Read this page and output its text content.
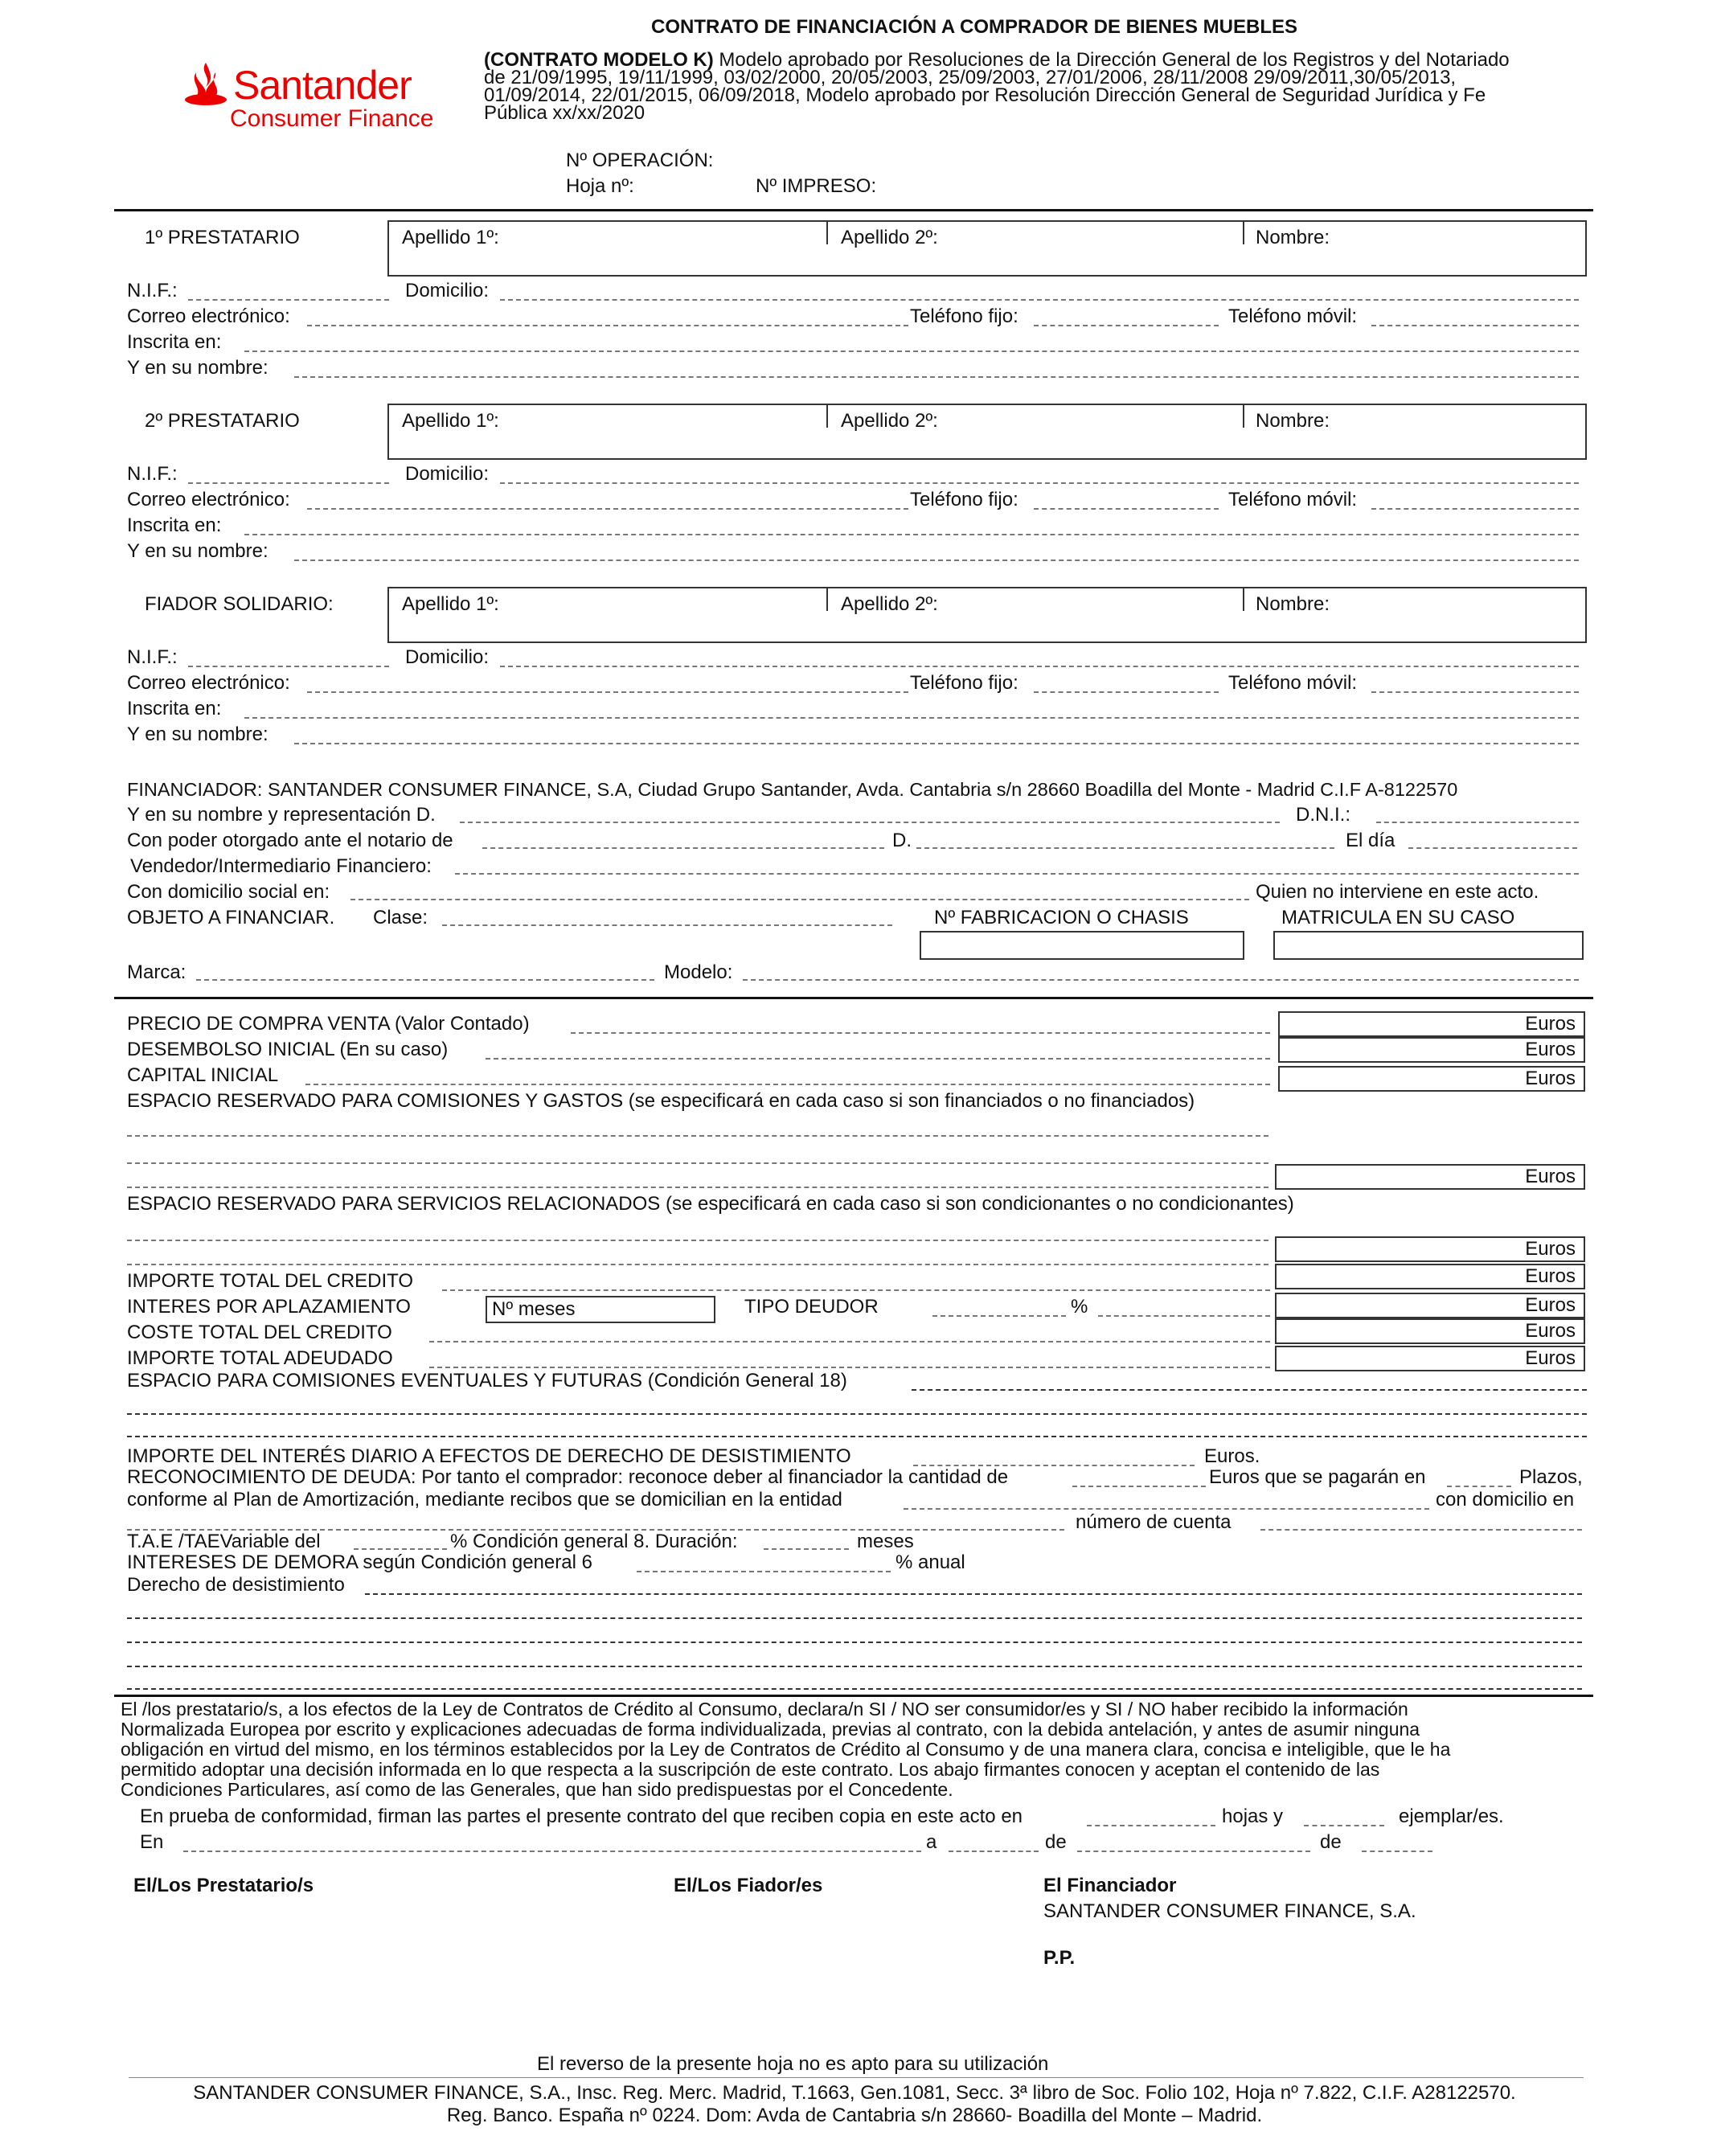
Santander
Consumer Finance
CONTRATO DE FINANCIACIÓN A COMPRADOR DE BIENES MUEBLES
(CONTRATO MODELO K) Modelo aprobado por Resoluciones de la Dirección General de los Registros y del Notariado
de 21/09/1995, 19/11/1999, 03/02/2000, 20/05/2003, 25/09/2003, 27/01/2006, 28/11/2008 29/09/2011,30/05/2013,
01/09/2014, 22/01/2015, 06/09/2018, Modelo aprobado por Resolución Dirección General de Seguridad Jurídica y Fe
Pública xx/xx/2020
Nº OPERACIÓN:
Hoja nº:	Nº IMPRESO:
1º PRESTATARIO	Apellido 1º:	Apellido 2º:	Nombre:
N.I.F.:	Domicilio:
Correo electrónico:	Teléfono fijo:	Teléfono móvil:
Inscrita en:
Y en su nombre:
2º PRESTATARIO	Apellido 1º:	Apellido 2º:	Nombre:
N.I.F.:	Domicilio:
Correo electrónico:	Teléfono fijo:	Teléfono móvil:
Inscrita en:
Y en su nombre:
FIADOR SOLIDARIO:	Apellido 1º:	Apellido 2º:	Nombre:
N.I.F.:	Domicilio:
Correo electrónico:	Teléfono fijo:	Teléfono móvil:
Inscrita en:
Y en su nombre:
FINANCIADOR: SANTANDER CONSUMER FINANCE, S.A, Ciudad Grupo Santander, Avda. Cantabria s/n 28660 Boadilla del Monte - Madrid C.I.F A-8122570
Y en su nombre y representación D.	D.N.I.:
Con poder otorgado ante el notario de	D.	El día
Vendedor/Intermediario Financiero:
Con domicilio social en:	Quien no interviene en este acto.
OBJETO A FINANCIAR. Clase:	Nº FABRICACION O CHASIS	MATRICULA EN SU CASO
Marca:	Modelo:
PRECIO DE COMPRA VENTA (Valor Contado)	Euros
DESEMBOLSO INICIAL (En su caso)	Euros
CAPITAL INICIAL	Euros
ESPACIO RESERVADO PARA COMISIONES Y GASTOS (se especificará en cada caso si son financiados o no financiados)
Euros
ESPACIO RESERVADO PARA SERVICIOS RELACIONADOS (se especificará en cada caso si son condicionantes o no condicionantes)
Euros
IMPORTE TOTAL DEL CREDITO	Euros
INTERES POR APLAZAMIENTO	Nº meses	TIPO DEUDOR	%	Euros
COSTE TOTAL DEL CREDITO	Euros
IMPORTE TOTAL ADEUDADO	Euros
ESPACIO PARA COMISIONES EVENTUALES Y FUTURAS (Condición General 18)
IMPORTE DEL INTERÉS DIARIO A EFECTOS DE DERECHO DE DESISTIMIENTO	Euros.
RECONOCIMIENTO DE DEUDA: Por tanto el comprador: reconoce deber al financiador la cantidad de	Euros que se pagarán en	Plazos,
conforme al Plan de Amortización, mediante recibos que se domicilian en la entidad	con domicilio en
número de cuenta
T.A.E /TAEVariable del	% Condición general 8. Duración:	meses
INTERESES DE DEMORA según Condición general 6	% anual
Derecho de desistimiento
El /los prestatario/s, a los efectos de la Ley de Contratos de Crédito al Consumo, declara/n SI / NO ser consumidor/es y SI / NO haber recibido la información
Normalizada Europea por escrito y explicaciones adecuadas de forma individualizada, previas al contrato, con la debida antelación, y antes de asumir ninguna
obligación en virtud del mismo, en los términos establecidos por la Ley de Contratos de Crédito al Consumo y de una manera clara, concisa e inteligible, que le ha
permitido adoptar una decisión informada en lo que respecta a la suscripción de este contrato. Los abajo firmantes conocen y aceptan el contenido de las
Condiciones Particulares, así como de las Generales, que han sido predispuestas por el Concedente.
En prueba de conformidad, firman las partes el presente contrato del que reciben copia en este acto en	hojas y	ejemplar/es.
En	a	de	de
El/Los Prestatario/s	El/Los Fiador/es	El Financiador
SANTANDER CONSUMER FINANCE, S.A.
P.P.
El reverso de la presente hoja no es apto para su utilización
SANTANDER CONSUMER FINANCE, S.A., Insc. Reg. Merc. Madrid, T.1663, Gen.1081, Secc. 3ª libro de Soc. Folio 102, Hoja nº 7.822, C.I.F. A28122570.
Reg. Banco. España nº 0224. Dom: Avda de Cantabria s/n 28660- Boadilla del Monte – Madrid.
